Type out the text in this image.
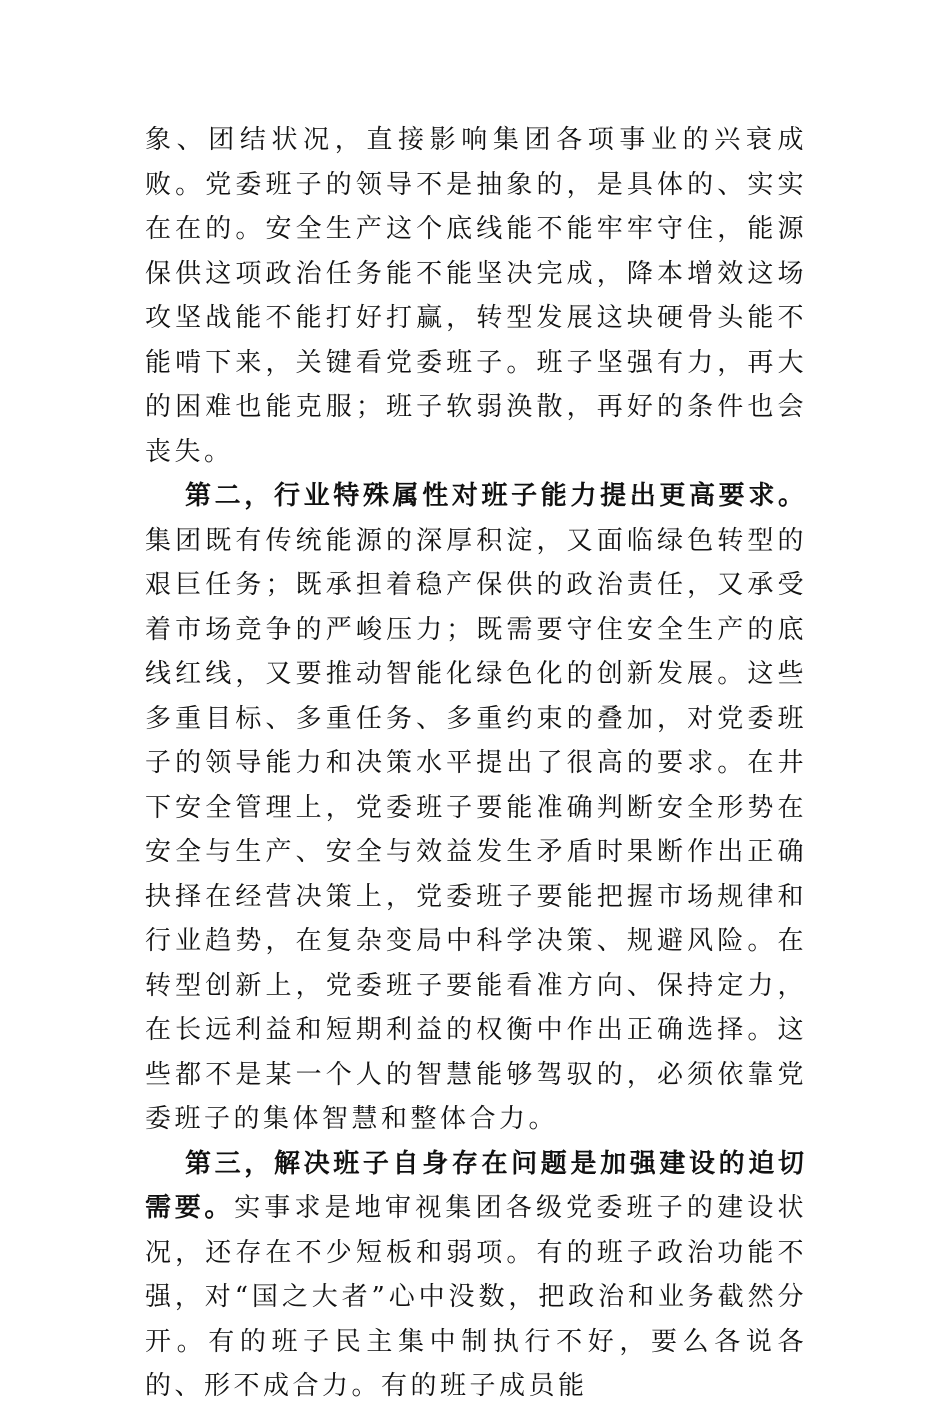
象、团结状况，直接影响集团各项事业的兴衰成败。党委班子的领导不是抽象的，是具体的、实实在在的。安全生产这个底线能不能牢牢守住，能源保供这项政治任务能不能坚决完成，降本增效这场攻坚战能不能打好打赢，转型发展这块硬骨头能不能啃下来，关键看党委班子。班子坚强有力，再大的困难也能克服；班子软弱涣散，再好的条件也会丧失。

第二，行业特殊属性对班子能力提出更高要求。集团既有传统能源的深厚积淀，又面临绿色转型的艰巨任务；既承担着稳产保供的政治责任，又承受着市场竞争的严峻压力；既需要守住安全生产的底线红线，又要推动智能化绿色化的创新发展。这些多重目标、多重任务、多重约束的叠加，对党委班子的领导能力和决策水平提出了很高的要求。在井下安全管理上，党委班子要能准确判断安全形势在安全与生产、安全与效益发生矛盾时果断作出正确抉择在经营决策上，党委班子要能把握市场规律和行业趋势，在复杂变局中科学决策、规避风险。在转型创新上，党委班子要能看准方向、保持定力，在长远利益和短期利益的权衡中作出正确选择。这些都不是某一个人的智慧能够驾驭的，必须依靠党委班子的集体智慧和整体合力。

第三，解决班子自身存在问题是加强建设的迫切需要。实事求是地审视集团各级党委班子的建设状况，还存在不少短板和弱项。有的班子政治功能不强，对“国之大者”心中没数，把政治和业务截然分开。有的班子民主集中制执行不好，要么各说各的、形不成合力。有的班子成员能
